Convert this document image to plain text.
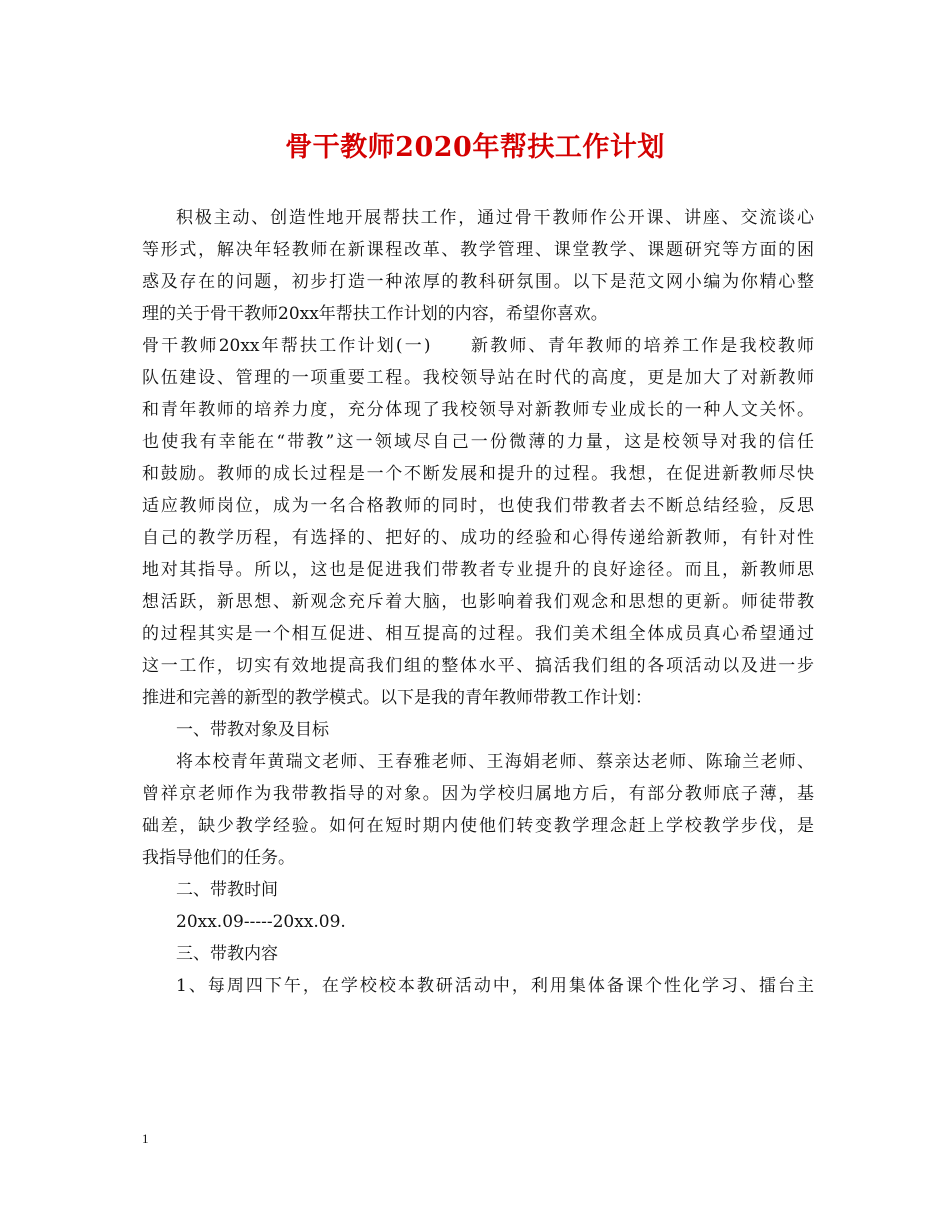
骨干教师2020年帮扶工作计划
积极主动、创造性地开展帮扶工作，通过骨干教师作公开课、讲座、交流谈心
等形式，解决年轻教师在新课程改革、教学管理、课堂教学、课题研究等方面的困
惑及存在的问题，初步打造一种浓厚的教科研氛围。以下是范文网小编为你精心整
理的关于骨干教师20xx年帮扶工作计划的内容，希望你喜欢。
骨干教师20xx年帮扶工作计划(一)　　新教师、青年教师的培养工作是我校教师
队伍建设、管理的一项重要工程。我校领导站在时代的高度，更是加大了对新教师
和青年教师的培养力度，充分体现了我校领导对新教师专业成长的一种人文关怀。
也使我有幸能在“带教”这一领域尽自己一份微薄的力量，这是校领导对我的信任
和鼓励。教师的成长过程是一个不断发展和提升的过程。我想，在促进新教师尽快
适应教师岗位，成为一名合格教师的同时，也使我们带教者去不断总结经验，反思
自己的教学历程，有选择的、把好的、成功的经验和心得传递给新教师，有针对性
地对其指导。所以，这也是促进我们带教者专业提升的良好途径。而且，新教师思
想活跃，新思想、新观念充斥着大脑，也影响着我们观念和思想的更新。师徒带教
的过程其实是一个相互促进、相互提高的过程。我们美术组全体成员真心希望通过
这一工作，切实有效地提高我们组的整体水平、搞活我们组的各项活动以及进一步
推进和完善的新型的教学模式。以下是我的青年教师带教工作计划：
一、带教对象及目标
将本校青年黄瑞文老师、王春雅老师、王海娟老师、蔡亲达老师、陈瑜兰老师、
曾祥京老师作为我带教指导的对象。因为学校归属地方后，有部分教师底子薄，基
础差，缺少教学经验。如何在短时期内使他们转变教学理念赶上学校教学步伐，是
我指导他们的任务。
二、带教时间
20xx.09-----20xx.09.
三、带教内容
1、每周四下午，在学校校本教研活动中，利用集体备课个性化学习、擂台主
1
